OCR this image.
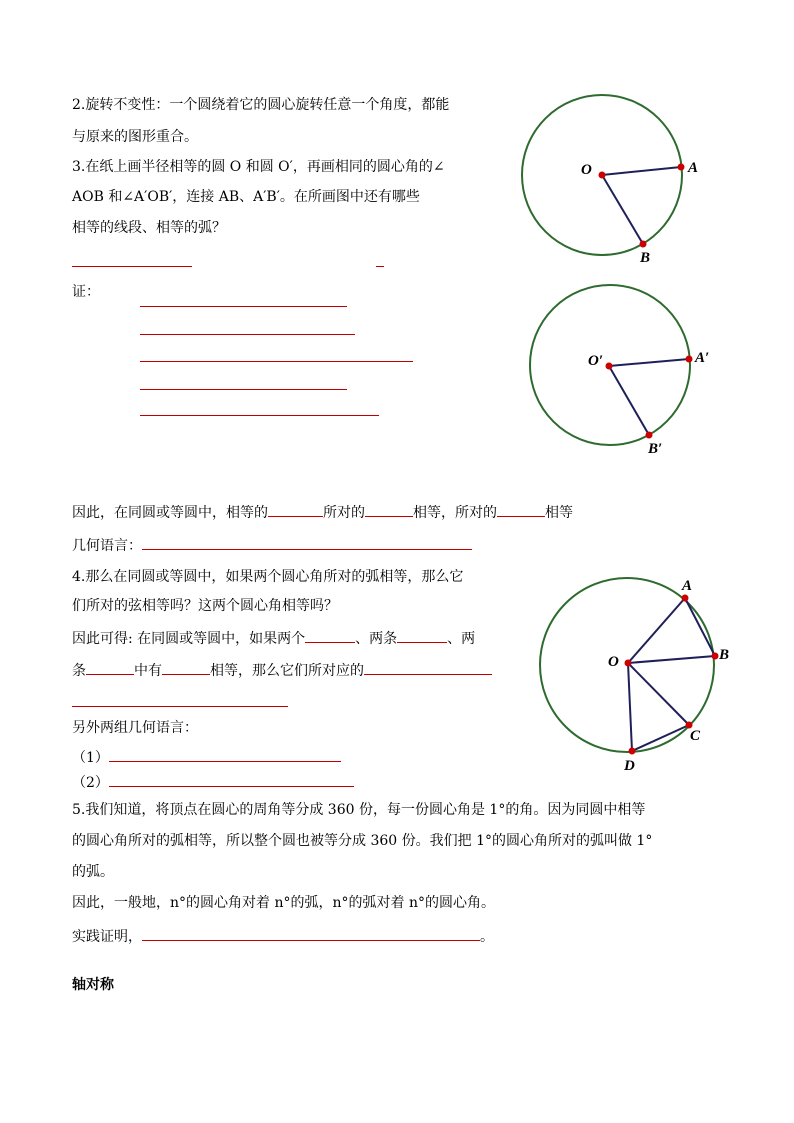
2.旋转不变性：一个圆绕着它的圆心旋转任意一个角度，都能
与原来的图形重合。
3.在纸上画半径相等的圆 O 和圆 O′，再画相同的圆心角的∠
AOB 和∠A′OB′，连接 AB、A′B′。在所画图中还有哪些
相等的线段、相等的弧？
证：
因此，在同圆或等圆中，相等的	所对的	相等，所对的	相等
几何语言：
4.那么在同圆或等圆中，如果两个圆心角所对的弧相等，那么它
们所对的弦相等吗？这两个圆心角相等吗？
因此可得: 在同圆或等圆中，如果两个	、两条	、两
条	中有	相等，那么它们所对应的
另外两组几何语言：
（1）
（2）
5.我们知道，将顶点在圆心的周角等分成 360 份，每一份圆心角是 1°的角。因为同圆中相等
的圆心角所对的弧相等，所以整个圆也被等分成 360 份。我们把 1°的圆心角所对的弧叫做 1°
的弧。
因此，一般地，n°的圆心角对着 n°的弧，n°的弧对着 n°的圆心角。
实践证明，	。
轴对称
O	A
B
O′	A′
B′
O
A
B
C
D
